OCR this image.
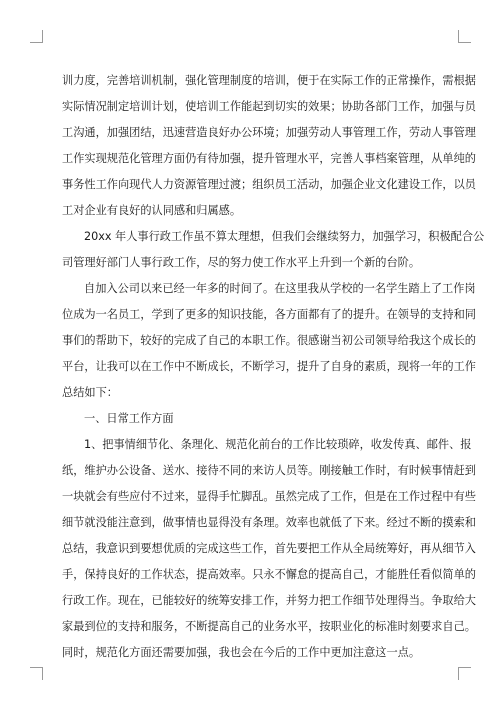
训力度，完善培训机制，强化管理制度的培训，便于在实际工作的正常操作，需根据
实际情况制定培训计划，使培训工作能起到切实的效果；协助各部门工作，加强与员
工沟通，加强团结，迅速营造良好办公环境；加强劳动人事管理工作，劳动人事管理
工作实现规范化管理方面仍有待加强，提升管理水平，完善人事档案管理，从单纯的
事务性工作向现代人力资源管理过渡；组织员工活动，加强企业文化建设工作，以员
工对企业有良好的认同感和归属感。
20xx 年人事行政工作虽不算太理想，但我们会继续努力，加强学习，积极配合公
司管理好部门人事行政工作，尽的努力使工作水平上升到一个新的台阶。
自加入公司以来已经一年多的时间了。在这里我从学校的一名学生踏上了工作岗
位成为一名员工，学到了更多的知识技能，各方面都有了的提升。在领导的支持和同
事们的帮助下，较好的完成了自己的本职工作。很感谢当初公司领导给我这个成长的
平台，让我可以在工作中不断成长，不断学习，提升了自身的素质，现将一年的工作
总结如下：
一、日常工作方面
1、把事情细节化、条理化、规范化前台的工作比较琐碎，收发传真、邮件、报
纸，维护办公设备、送水、接待不同的来访人员等。刚接触工作时，有时候事情赶到
一块就会有些应付不过来，显得手忙脚乱。虽然完成了工作，但是在工作过程中有些
细节就没能注意到，做事情也显得没有条理。效率也就低了下来。经过不断的摸索和
总结，我意识到要想优质的完成这些工作，首先要把工作从全局统筹好，再从细节入
手，保持良好的工作状态，提高效率。只永不懈怠的提高自己，才能胜任看似简单的
行政工作。现在，已能较好的统筹安排工作，并努力把工作细节处理得当。争取给大
家最到位的支持和服务，不断提高自己的业务水平，按职业化的标准时刻要求自己。
同时，规范化方面还需要加强，我也会在今后的工作中更加注意这一点。
